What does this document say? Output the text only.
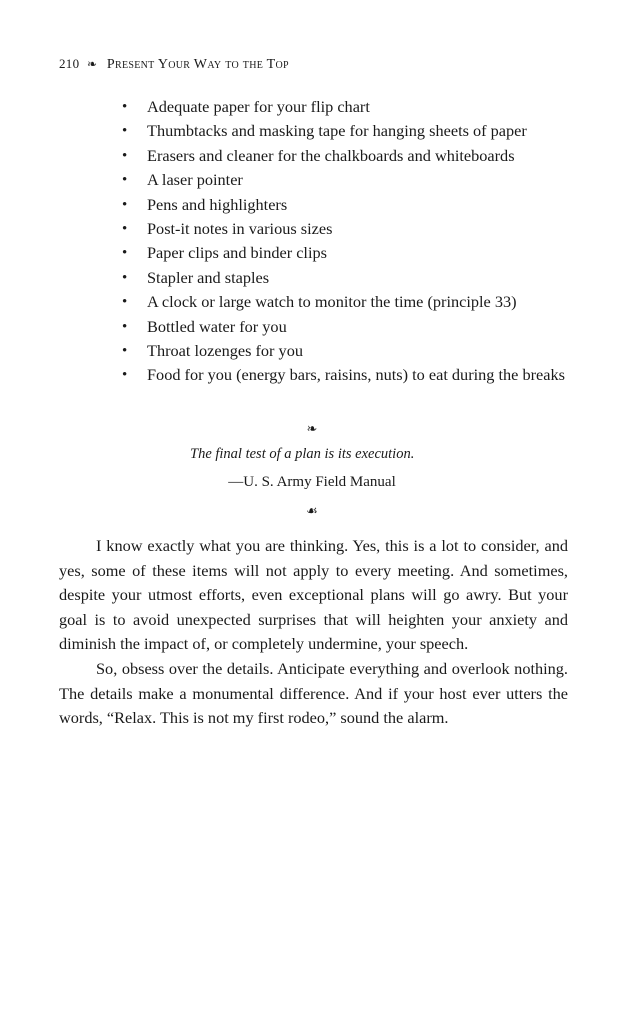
210 ❧ Present Your Way to the Top
• Adequate paper for your flip chart
• Thumbtacks and masking tape for hanging sheets of paper
• Erasers and cleaner for the chalkboards and whiteboards
• A laser pointer
• Pens and highlighters
• Post-it notes in various sizes
• Paper clips and binder clips
• Stapler and staples
• A clock or large watch to monitor the time (principle 33)
• Bottled water for you
• Throat lozenges for you
• Food for you (energy bars, raisins, nuts) to eat during the breaks
❧
The final test of a plan is its execution.
—U. S. Army Field Manual
☙

I know exactly what you are thinking. Yes, this is a lot to consider, and yes, some of these items will not apply to every meeting. And sometimes, despite your utmost efforts, even exceptional plans will go awry. But your goal is to avoid unexpected surprises that will heighten your anxiety and diminish the impact of, or completely undermine, your speech.

So, obsess over the details. Anticipate everything and overlook nothing. The details make a monumental difference. And if your host ever utters the words, “Relax. This is not my first rodeo,” sound the alarm.
